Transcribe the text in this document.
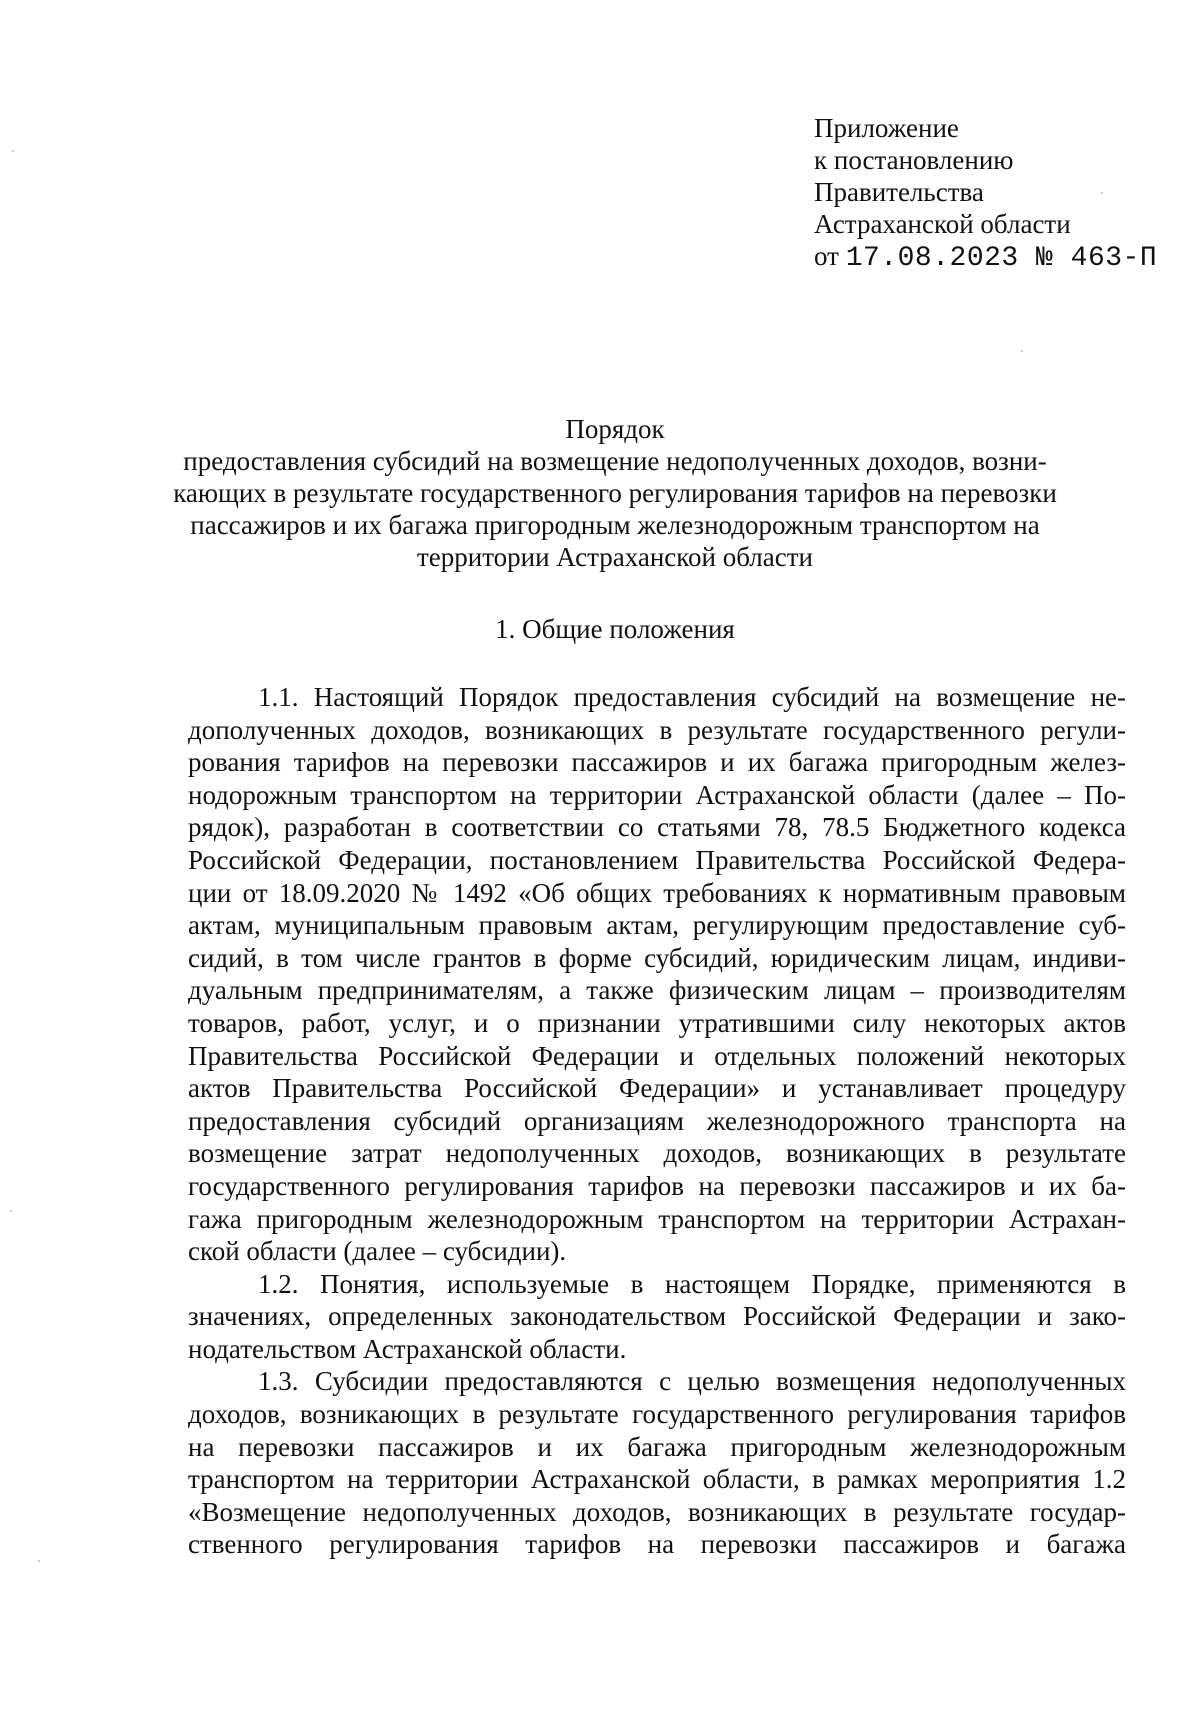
Приложение
к постановлению
Правительства
Астраханской области
от 17.08.2023 № 463-П
Порядок
предоставления субсидий на возмещение недополученных доходов, возни-
кающих в результате государственного регулирования тарифов на перевозки
пассажиров и их багажа пригородным железнодорожным транспортом на
территории Астраханской области
1. Общие положения
1.1. Настоящий Порядок предоставления субсидий на возмещение не-
дополученных доходов, возникающих в результате государственного регули-
рования тарифов на перевозки пассажиров и их багажа пригородным желез-
нодорожным транспортом на территории Астраханской области (далее – По-
рядок), разработан в соответствии со статьями 78, 78.5 Бюджетного кодекса
Российской Федерации, постановлением Правительства Российской Федера-
ции от 18.09.2020 № 1492 «Об общих требованиях к нормативным правовым
актам, муниципальным правовым актам, регулирующим предоставление суб-
сидий, в том числе грантов в форме субсидий, юридическим лицам, индиви-
дуальным предпринимателям, а также физическим лицам – производителям
товаров, работ, услуг, и о признании утратившими силу некоторых актов
Правительства Российской Федерации и отдельных положений некоторых
актов Правительства Российской Федерации» и устанавливает процедуру
предоставления субсидий организациям железнодорожного транспорта на
возмещение затрат недополученных доходов, возникающих в результате
государственного регулирования тарифов на перевозки пассажиров и их ба-
гажа пригородным железнодорожным транспортом на территории Астрахан-
ской области (далее – субсидии).
1.2. Понятия, используемые в настоящем Порядке, применяются в
значениях, определенных законодательством Российской Федерации и зако-
нодательством Астраханской области.
1.3. Субсидии предоставляются с целью возмещения недополученных
доходов, возникающих в результате государственного регулирования тарифов
на перевозки пассажиров и их багажа пригородным железнодорожным
транспортом на территории Астраханской области, в рамках мероприятия 1.2
«Возмещение недополученных доходов, возникающих в результате государ-
ственного регулирования тарифов на перевозки пассажиров и багажа
